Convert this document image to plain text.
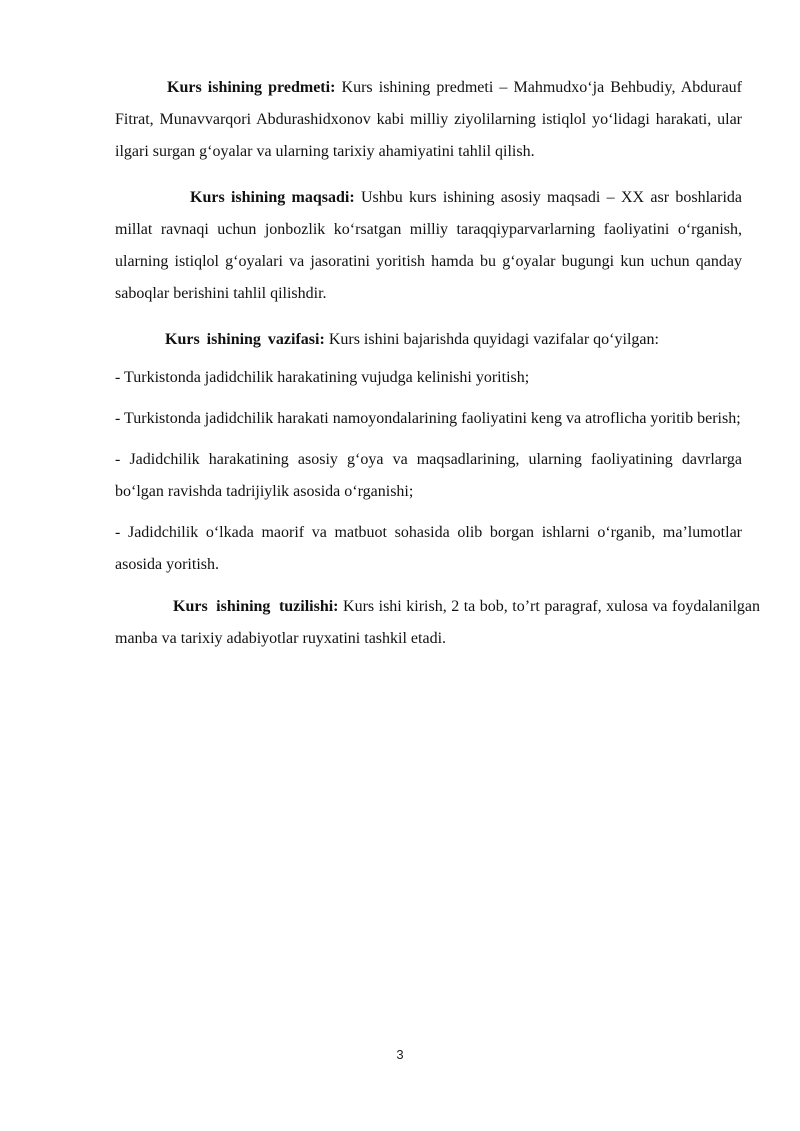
Kurs ishining predmeti: Kurs ishining predmeti – Mahmudxo‘ja Behbudiy, Abdurauf Fitrat, Munavvarqori Abdurashidxonov kabi milliy ziyolilarning istiqlol yo‘lidagi harakati, ular ilgari surgan g‘oyalar va ularning tarixiy ahamiyatini tahlil qilish.

Kurs ishining maqsadi: Ushbu kurs ishining asosiy maqsadi – XX asr boshlarida millat ravnaqi uchun jonbozlik ko‘rsatgan milliy taraqqiyparvarlarning faoliyatini o‘rganish, ularning istiqlol g‘oyalari va jasoratini yoritish hamda bu g‘oyalar bugungi kun uchun qanday saboqlar berishini tahlil qilishdir.

Kurs ishining vazifasi: Kurs ishini bajarishda quyidagi vazifalar qo‘yilgan:

- Turkistonda jadidchilik harakatining vujudga kelinishi yoritish;

- Turkistonda jadidchilik harakati namoyondalarining faoliyatini keng va atroflicha yoritib berish;

- Jadidchilik harakatining asosiy g‘oya va maqsadlarining, ularning faoliyatining davrlarga bo‘lgan ravishda tadrijiylik asosida o‘rganishi;

- Jadidchilik o‘lkada maorif va matbuot sohasida olib borgan ishlarni o‘rganib, ma’lumotlar asosida yoritish.

Kurs ishining tuzilishi: Kurs ishi kirish, 2 ta bob, to’rt paragraf, xulosa va foydalanilgan manba va tarixiy adabiyotlar ruyxatini tashkil etadi.

3
